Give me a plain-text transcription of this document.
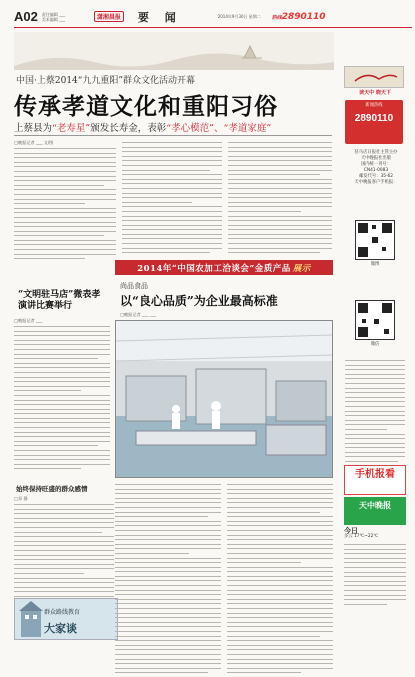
A02 责任编辑 ___
美术编辑 ___	潇湘晨报 要 闻	2014年9月30日 星期二	热线2890110
中国·上蔡2014“九九重阳”群众文化活动开幕
传承孝道文化和重阳习俗
上蔡县为“老寿星”颁发长寿金，表彰“孝心模范”、“孝道家庭”
□晚报记者 ___ 文/图
“文明驻马店”微表孝演讲比赛举行
□晚报记者 ___
始终保持旺盛的群众感情
□邓 静
群众路线教育
大家谈
2014年“中国农加工洽谈会”金质产品 展示
尚品食品
以“良心品质”为企业最高标准
□晚报记者 ___ ___
读天中 晓天下
新闻热线
2890110
驻马店日报社主管主办
天中晚报社出版
国内统一刊号：
CN41-0083
邮发代号：35-62
天中晚报客户手机报：
微博
微信
手机报看
天中晚报
今日
多云 17℃~22℃
